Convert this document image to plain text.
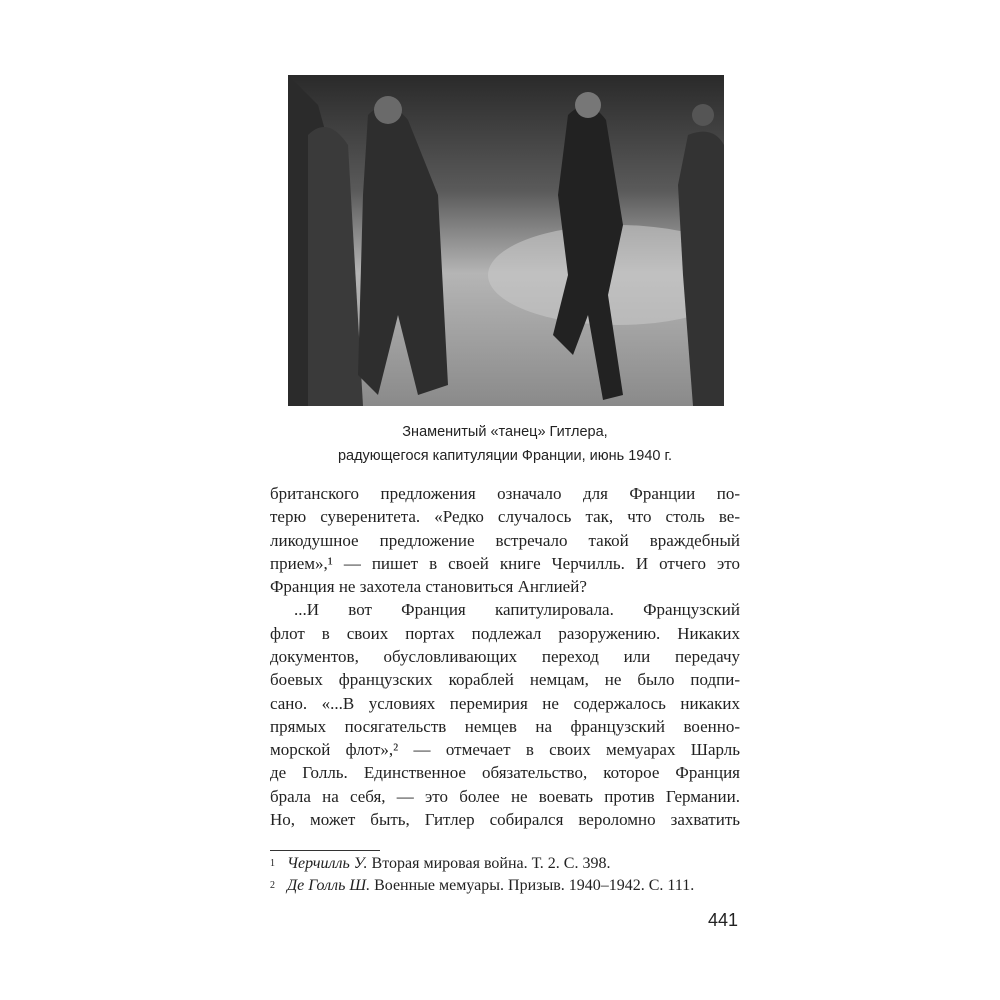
Знаменитый «танец» Гитлера,
радующегося капитуляции Франции, июнь 1940 г.
британского предложения означало для Франции по-
терю суверенитета. «Редко случалось так, что столь ве-
ликодушное предложение встречало такой враждебный
прием»,¹ — пишет в своей книге Черчилль. И отчего это
Франция не захотела становиться Англией?
...И вот Франция капитулировала. Французский
флот в своих портах подлежал разоружению. Никаких
документов, обусловливающих переход или передачу
боевых французских кораблей немцам, не было подпи-
сано. «...В условиях перемирия не содержалось никаких
прямых посягательств немцев на французский военно-
морской флот»,² — отмечает в своих мемуарах Шарль
де Голль. Единственное обязательство, которое Франция
брала на себя, — это более не воевать против Германии.
Но, может быть, Гитлер собирался вероломно захватить
$^1$ Черчилль У. Вторая мировая война. Т. 2. С. 398.
$^2$ Де Голль Ш. Военные мемуары. Призыв. 1940–1942. С. 111.
441
